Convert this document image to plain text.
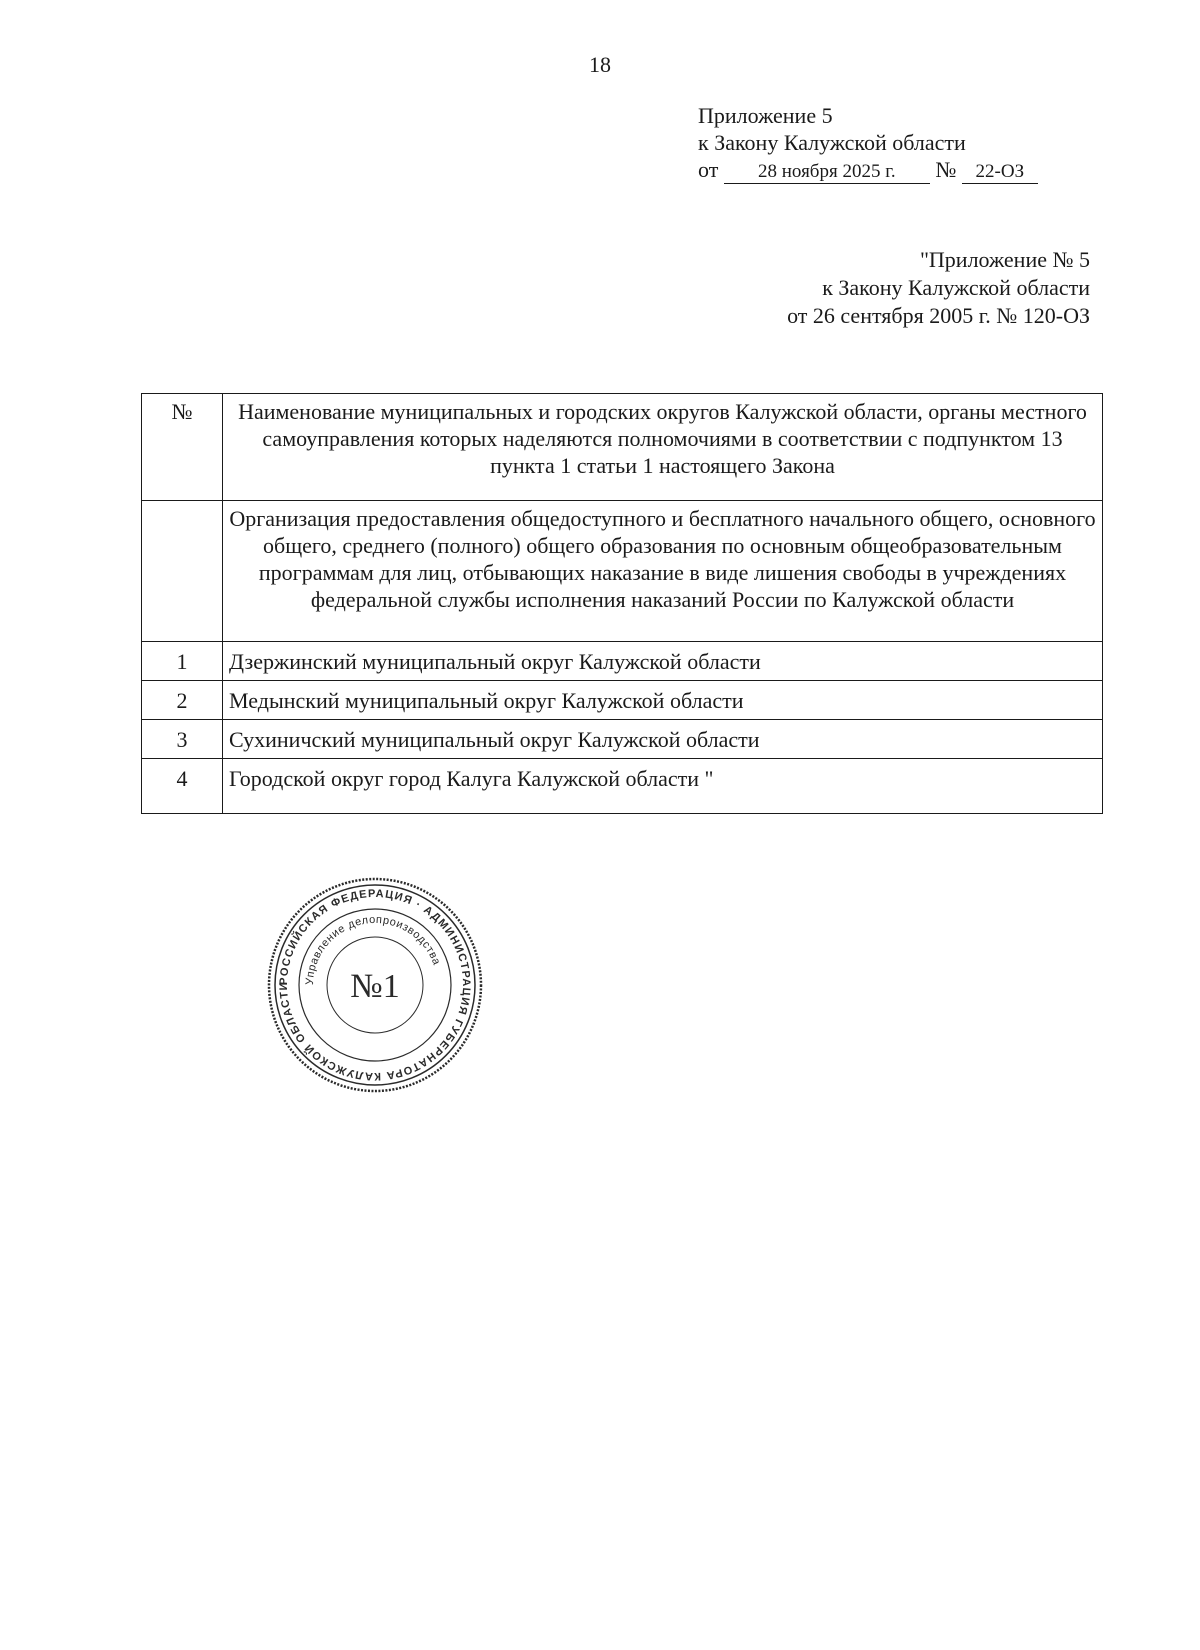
18
Приложение 5
к Закону Калужской области
от 28 ноября 2025 г. № 22-ОЗ
"Приложение № 5
к Закону Калужской области
от 26 сентября 2005 г. № 120-ОЗ
№	Наименование муниципальных и городских округов Калужской области, органы местного самоуправления которых наделяются полномочиями в соответствии с подпунктом 13 пункта 1 статьи 1 настоящего Закона
	Организация предоставления общедоступного и бесплатного начального общего, основного общего, среднего (полного) общего образования по основным общеобразовательным программам для лиц, отбывающих наказание в виде лишения свободы в учреждениях федеральной службы исполнения наказаний России по Калужской области
1	Дзержинский муниципальный округ Калужской области
2	Медынский муниципальный округ Калужской области
3	Сухиничский муниципальный округ Калужской области
4	Городской округ город Калуга Калужской области "
РОССИЙСКАЯ ФЕДЕРАЦИЯ · АДМИНИСТРАЦИЯ ГУБЕРНАТОРА КАЛУЖСКОЙ ОБЛАСТИ	Управление делопроизводства
№1
